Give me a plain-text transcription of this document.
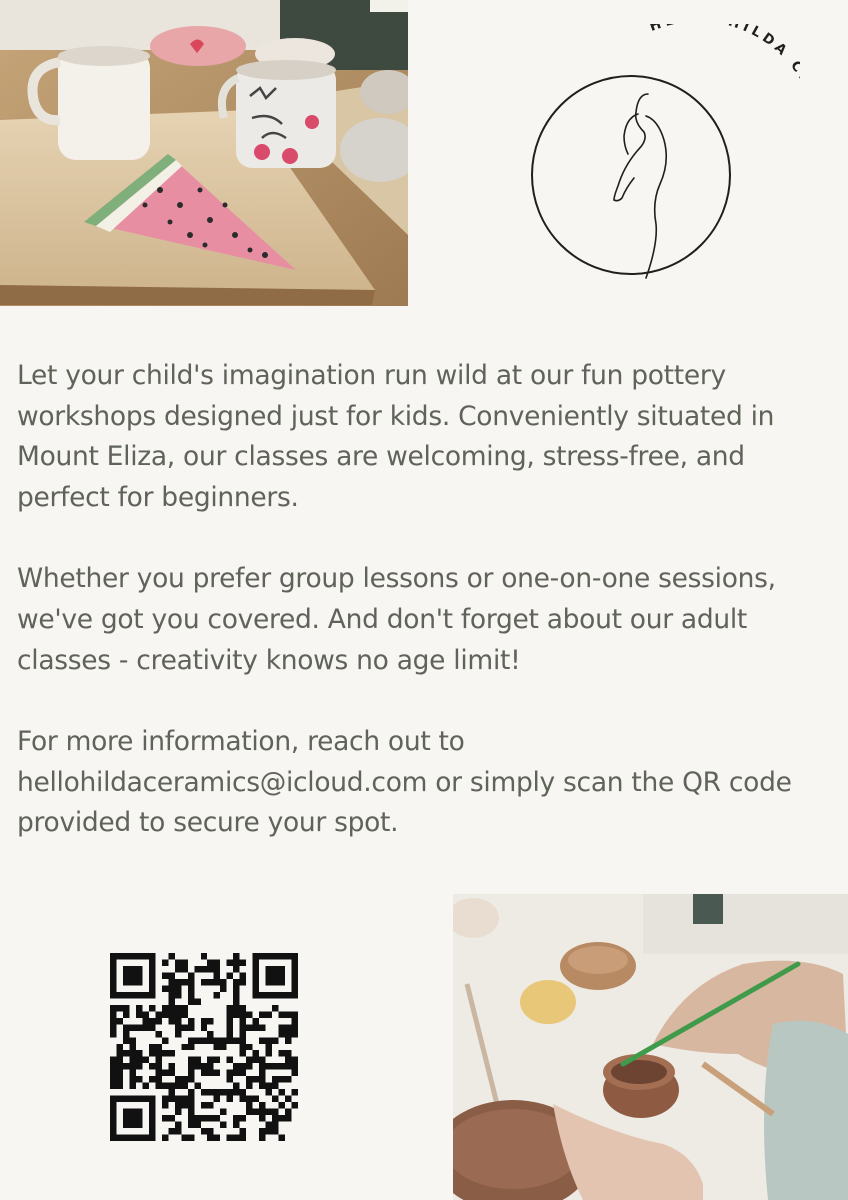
H ILDA

Let your child's imagination run wild at our fun pottery workshops designed just for kids. Conveniently situated in Mount Eliza, our classes are welcoming, stress-free, and perfect for beginners.

Whether you prefer group lessons or one-on-one sessions, we've got you covered. And don't forget about our adult classes - creativity knows no age limit!

For more information, reach out to hellohildaceramics@icloud.com or simply scan the QR code provided to secure your spot.
